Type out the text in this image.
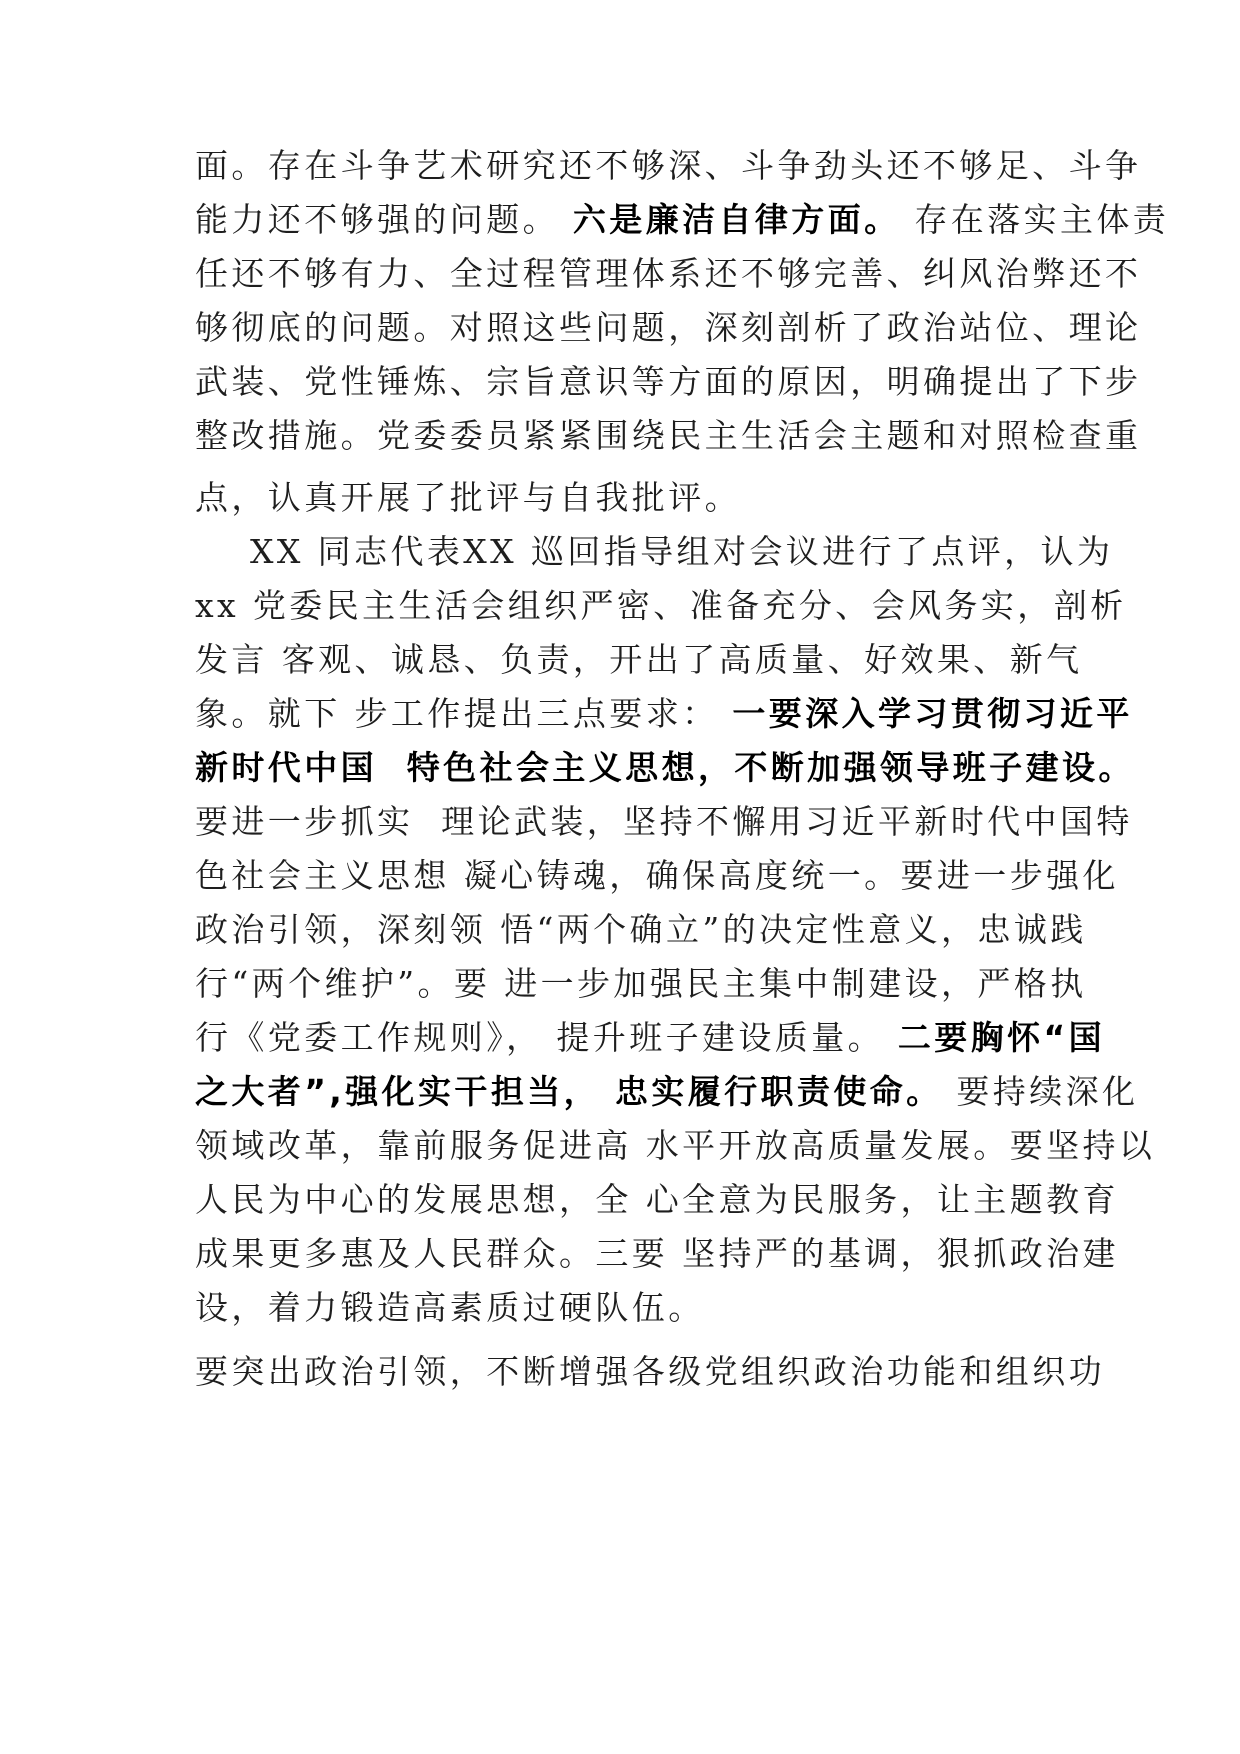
面。存在斗争艺术研究还不够深、斗争劲头还不够足、斗争
能力还不够强的问题。 六是廉洁自律方面。 存在落实主体责
任还不够有力、全过程管理体系还不够完善、纠风治弊还不
够彻底的问题。对照这些问题，深刻剖析了政治站位、理论
武装、党性锤炼、宗旨意识等方面的原因，明确提出了下步
整改措施。党委委员紧紧围绕民主生活会主题和对照检查重
点，认真开展了批评与自我批评。
XX 同志代表XX 巡回指导组对会议进行了点评，认为
xx 党委民主生活会组织严密、准备充分、会风务实，剖析
发言 客观、诚恳、负责，开出了高质量、好效果、新气
象。就下 步工作提出三点要求： 一要深入学习贯彻习近平
新时代中国  特色社会主义思想，不断加强领导班子建设。
要进一步抓实  理论武装，坚持不懈用习近平新时代中国特
色社会主义思想 凝心铸魂，确保高度统一。要进一步强化
政治引领，深刻领 悟“两个确立”的决定性意义，忠诚践
行“两个维护”。要 进一步加强民主集中制建设，严格执
行《党委工作规则》， 提升班子建设质量。 二要胸怀“国
之大者”,强化实干担当， 忠实履行职责使命。 要持续深化
领域改革，靠前服务促进高 水平开放高质量发展。要坚持以
人民为中心的发展思想，全 心全意为民服务，让主题教育
成果更多惠及人民群众。三要 坚持严的基调，狠抓政治建
设，着力锻造高素质过硬队伍。
要突出政治引领，不断增强各级党组织政治功能和组织功
